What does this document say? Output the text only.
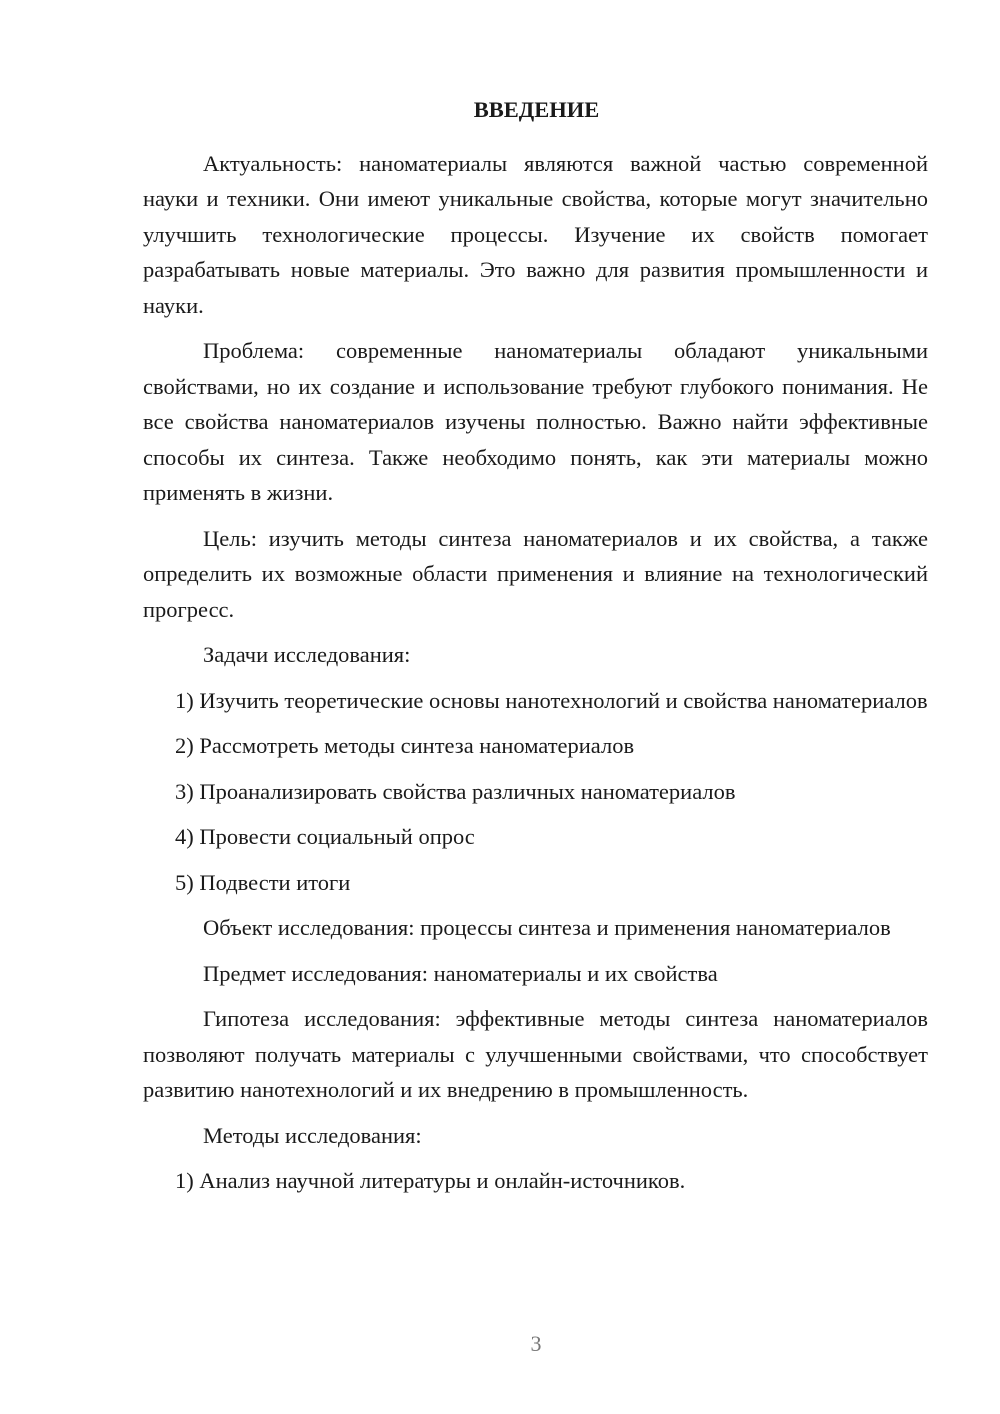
ВВЕДЕНИЕ

Актуальность: наноматериалы являются важной частью современной науки и техники. Они имеют уникальные свойства, которые могут значительно улучшить технологические процессы. Изучение их свойств помогает разрабатывать новые материалы. Это важно для развития промышленности и науки.

Проблема: современные наноматериалы обладают уникальными свойствами, но их создание и использование требуют глубокого понимания. Не все свойства наноматериалов изучены полностью. Важно найти эффективные способы их синтеза. Также необходимо понять, как эти материалы можно применять в жизни.

Цель: изучить методы синтеза наноматериалов и их свойства, а также определить их возможные области применения и влияние на технологический прогресс.

Задачи исследования:

1) Изучить теоретические основы нанотехнологий и свойства наноматериалов

2) Рассмотреть методы синтеза наноматериалов

3) Проанализировать свойства различных наноматериалов

4) Провести социальный опрос

5) Подвести итоги

Объект исследования: процессы синтеза и применения наноматериалов

Предмет исследования: наноматериалы и их свойства

Гипотеза исследования: эффективные методы синтеза наноматериалов позволяют получать материалы с улучшенными свойствами, что способствует развитию нанотехнологий и их внедрению в промышленность.

Методы исследования:

1) Анализ научной литературы и онлайн-источников.

3
